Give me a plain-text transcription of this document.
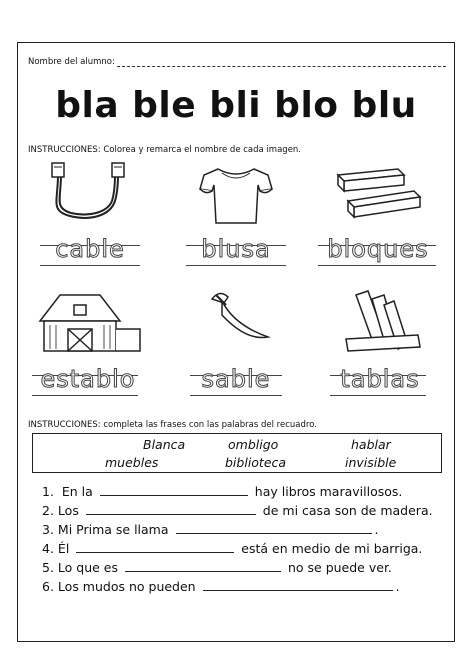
Nombre del alumno:
bla ble bli blo blu
INSTRUCCIONES: Colorea y remarca el nombre de cada imagen.
cable	blusa	bloques
establo	sable	tablas
INSTRUCCIONES: completa las frases con las palabras del recuadro.
Blanca	ombligo	hablar
muebles	biblioteca	invisible
1. En la	hay libros maravillosos.
2. Los	de mi casa son de madera.
3. Mi Prima se llama	.
4. Él	está en medio de mi barriga.
5. Lo que es	no se puede ver.
6. Los mudos no pueden	.
